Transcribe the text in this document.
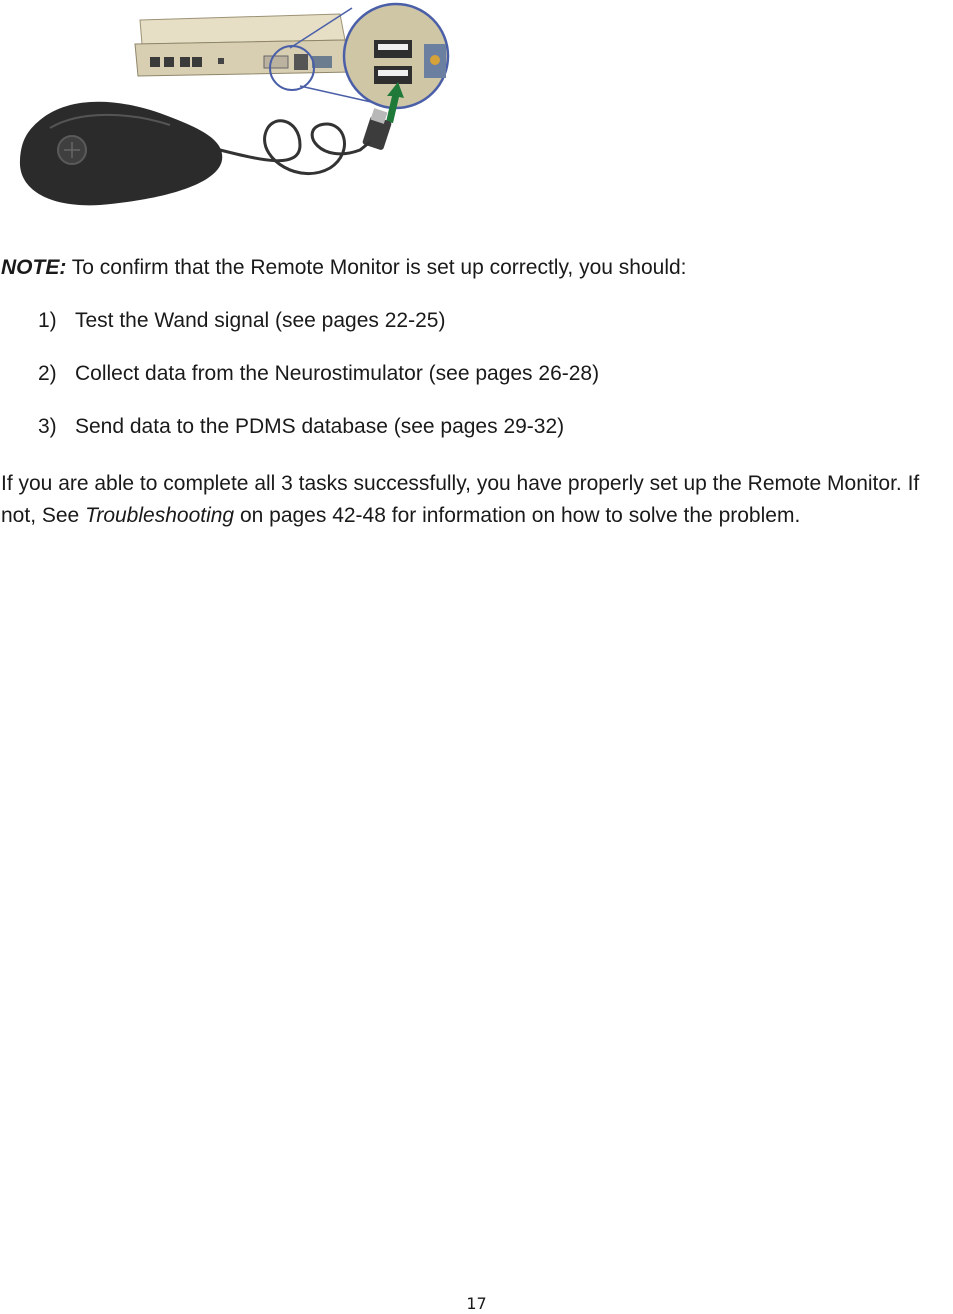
NOTE: To confirm that the Remote Monitor is set up correctly, you should:
1) Test the Wand signal (see pages 22-25)
2) Collect data from the Neurostimulator (see pages 26-28)
3) Send data to the PDMS database (see pages 29-32)

If you are able to complete all 3 tasks successfully, you have properly set up the Remote Monitor. If not, See Troubleshooting on pages 42-48 for information on how to solve the problem.

17
